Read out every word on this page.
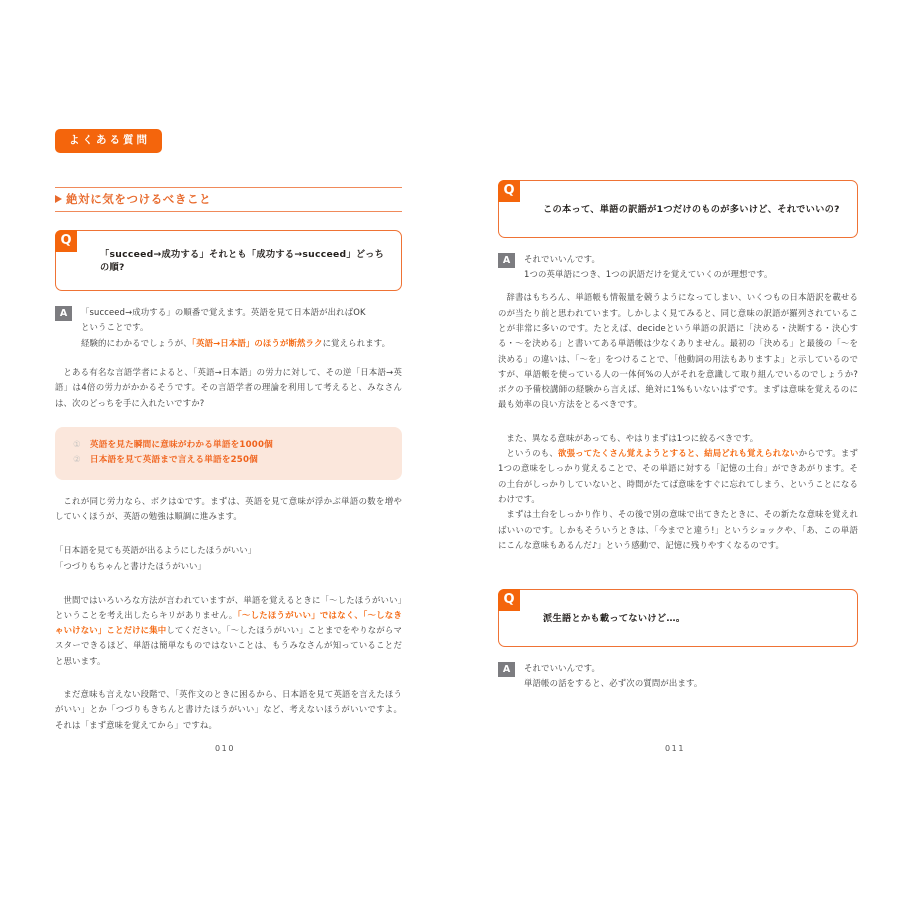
よくある質問
絶対に気をつけるべきこと
Q
「succeed→成功する」それとも「成功する→succeed」どっちの順?
A	「succeed→成功する」の順番で覚えます。英語を見て日本語が出ればOK

ということです。

経験的にわかるでしょうが、「英語→日本語」のほうが断然ラクに覚えられます。

とある有名な言語学者によると、「英語→日本語」の労力に対して、その逆「日本語→英語」は4倍の労力がかかるそうです。その言語学者の理論を利用して考えると、みなさんは、次のどっちを手に入れたいですか?

① 英語を見た瞬間に意味がわかる単語を1000個
② 日本語を見て英語まで言える単語を250個

これが同じ労力なら、ボクは①です。まずは、英語を見て意味が浮かぶ単語の数を増やしていくほうが、英語の勉強は順調に進みます。

「日本語を見ても英語が出るようにしたほうがいい」
「つづりもちゃんと書けたほうがいい」

世間ではいろいろな方法が言われていますが、単語を覚えるときに「〜したほうがいい」ということを考え出したらキリがありません。「〜したほうがいい」ではなく、「〜しなきゃいけない」ことだけに集中してください。「〜したほうがいい」ことまでをやりながらマスターできるほど、単語は簡単なものではないことは、もうみなさんが知っていることだと思います。

まだ意味も言えない段階で、「英作文のときに困るから、日本語を見て英語を言えたほうがいい」とか「つづりもきちんと書けたほうがいい」など、考えないほうがいいですよ。それは「まず意味を覚えてから」ですね。

010
Q
この本って、単語の訳語が1つだけのものが多いけど、それでいいの?
A	それでいいんです。

1つの英単語につき、1つの訳語だけを覚えていくのが理想です。

辞書はもちろん、単語帳も情報量を競うようになってしまい、いくつもの日本語訳を載せるのが当たり前と思われています。しかしよく見てみると、同じ意味の訳語が羅列されていることが非常に多いのです。たとえば、decideという単語の訳語に「決める・決断する・決心する・〜を決める」と書いてある単語帳は少なくありません。最初の「決める」と最後の「〜を決める」の違いは、「〜を」をつけることで、「他動詞の用法もありますよ」と示しているのですが、単語帳を使っている人の一体何%の人がそれを意識して取り組んでいるのでしょうか? ボクの予備校講師の経験から言えば、絶対に1%もいないはずです。まずは意味を覚えるのに最も効率の良い方法をとるべきです。

また、異なる意味があっても、やはりまずは1つに絞るべきです。

というのも、欲張ってたくさん覚えようとすると、結局どれも覚えられないからです。まず1つの意味をしっかり覚えることで、その単語に対する「記憶の土台」ができあがります。その土台がしっかりしていないと、時間がたてば意味をすぐに忘れてしまう、ということになるわけです。

まずは土台をしっかり作り、その後で別の意味で出てきたときに、その新たな意味を覚えればいいのです。しかもそういうときは、「今までと違う!」というショックや、「あ、この単語にこんな意味もあるんだ♪」という感動で、記憶に残りやすくなるのです。

Q
派生語とかも載ってないけど…。
A	それでいいんです。

単語帳の話をすると、必ず次の質問が出ます。

011
